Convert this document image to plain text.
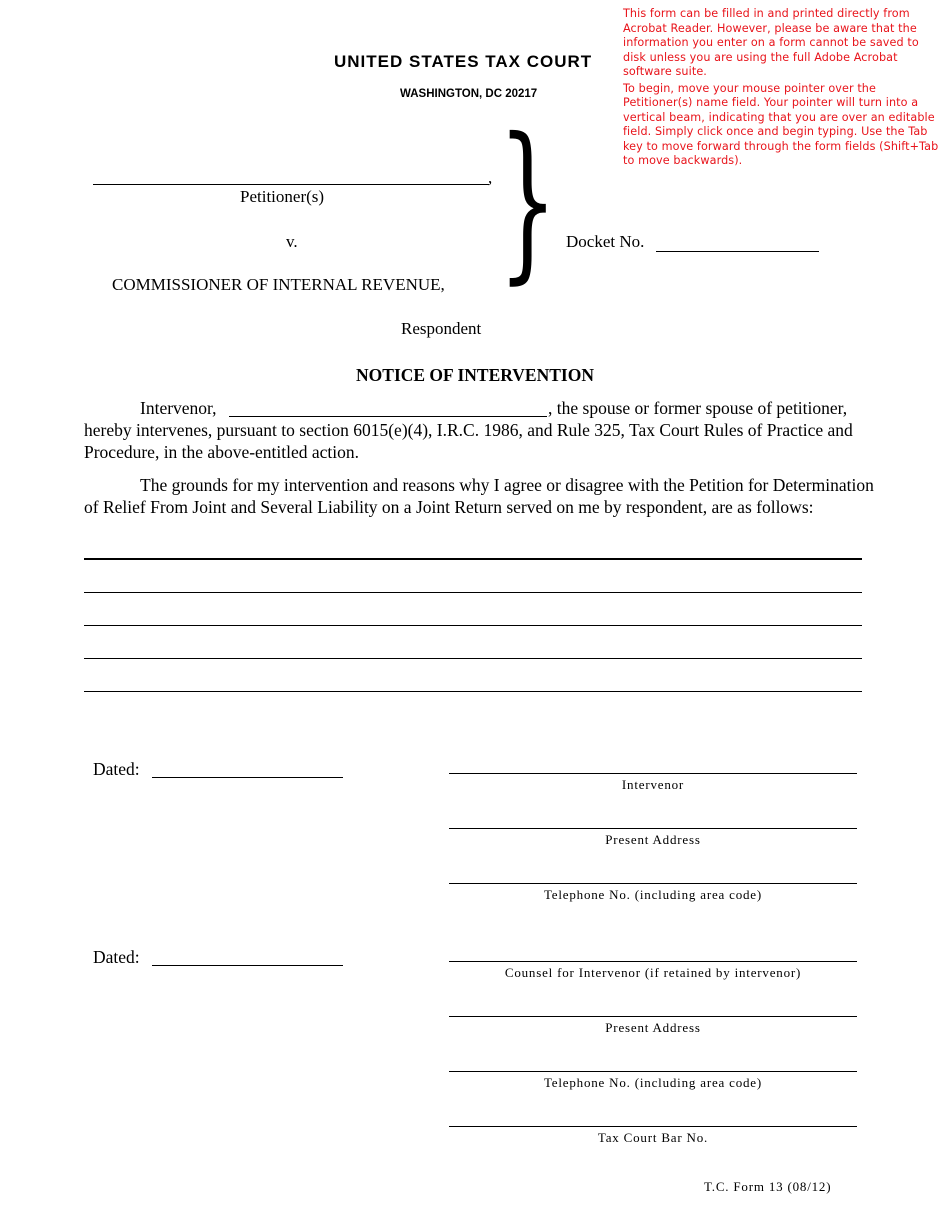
This form can be filled in and printed directly from Acrobat Reader. However, please be aware that the information you enter on a form cannot be saved to disk unless you are using the full Adobe Acrobat software suite.
To begin, move your mouse pointer over the Petitioner(s) name field. Your pointer will turn into a vertical beam, indicating that you are over an editable field. Simply click once and begin typing. Use the Tab key to move forward through the form fields (Shift+Tab to move backwards).
UNITED STATES TAX COURT
WASHINGTON, DC 20217
,
Petitioner(s)
v.
COMMISSIONER OF INTERNAL REVENUE,
Respondent
} Docket No.
NOTICE OF INTERVENTION
Intervenor,	, the spouse or former spouse of petitioner,
hereby intervenes, pursuant to section 6015(e)(4), I.R.C. 1986, and Rule 325, Tax Court Rules of Practice and Procedure, in the above-entitled action.
The grounds for my intervention and reasons why I agree or disagree with the Petition for Determination of Relief From Joint and Several Liability on a Joint Return served on me by respondent, are as follows:
Dated:
Intervenor
Present Address
Telephone No. (including area code)
Dated:
Counsel for Intervenor (if retained by intervenor)
Present Address
Telephone No. (including area code)
Tax Court Bar No.
T.C. Form 13 (08/12)
